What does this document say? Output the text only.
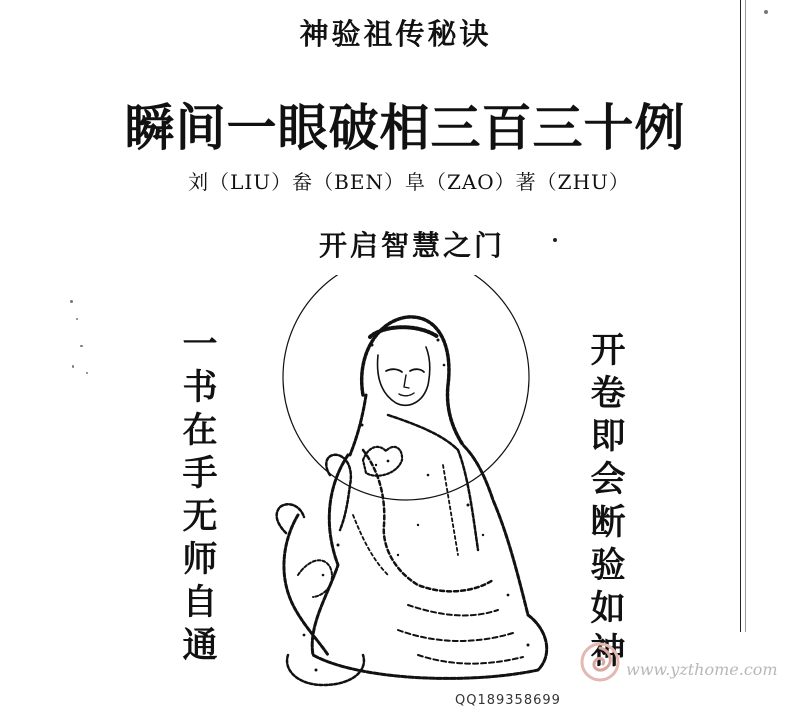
神验祖传秘诀
瞬间一眼破相三百三十例
刘（LIU）畚（BEN）阜（ZAO）著（ZHU）
开启智慧之门
一书在手无师自通
开卷即会断验如神 www.yzthome.com
QQ189358699
